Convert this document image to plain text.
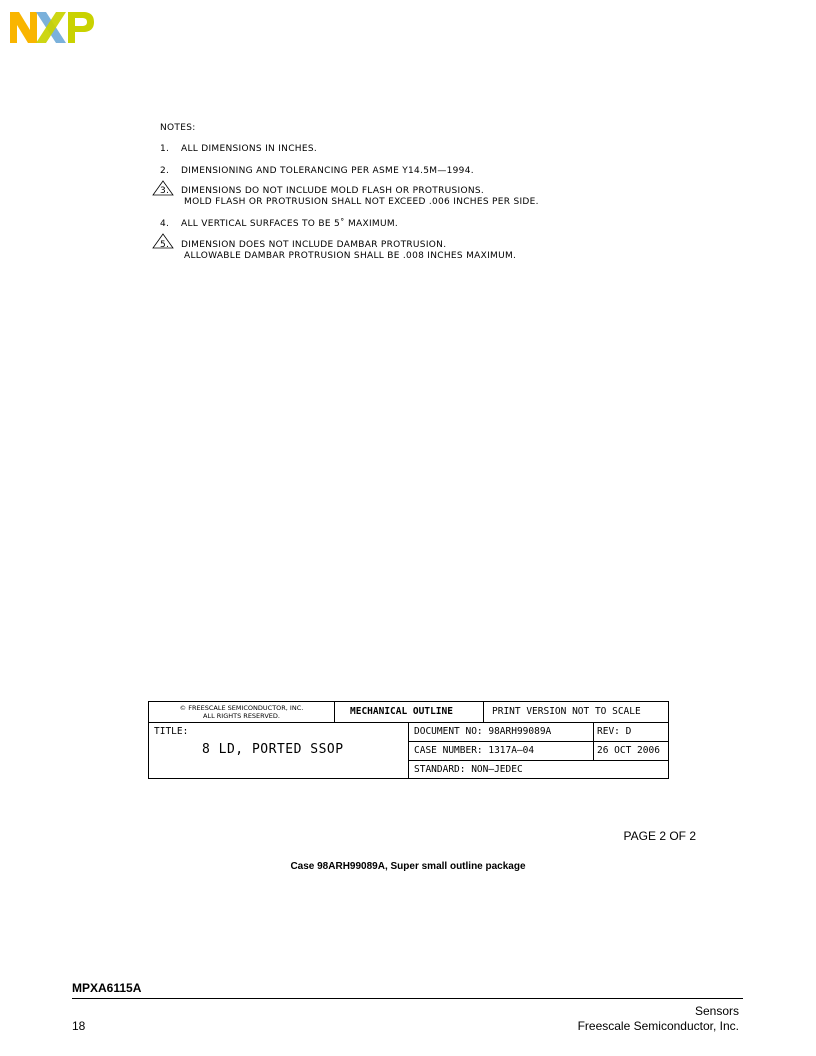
NOTES:
1. ALL DIMENSIONS IN INCHES.
2. DIMENSIONING AND TOLERANCING PER ASME Y14.5M—1994.
3. DIMENSIONS DO NOT INCLUDE MOLD FLASH OR PROTRUSIONS.
MOLD FLASH OR PROTRUSION SHALL NOT EXCEED .006 INCHES PER SIDE.
4. ALL VERTICAL SURFACES TO BE 5˚ MAXIMUM.
5. DIMENSION DOES NOT INCLUDE DAMBAR PROTRUSION.
ALLOWABLE DAMBAR PROTRUSION SHALL BE .008 INCHES MAXIMUM.
© FREESCALE SEMICONDUCTOR, INC.
ALL RIGHTS RESERVED.	MECHANICAL OUTLINE	PRINT VERSION NOT TO SCALE
TITLE:
8 LD, PORTED SSOP
DOCUMENT NO: 98ARH99089A	REV: D
CASE NUMBER: 1317A—04	26 OCT 2006
STANDARD: NON—JEDEC
PAGE 2 OF 2
Case 98ARH99089A, Super small outline package
MPXA6115A
Sensors
18	Freescale Semiconductor, Inc.
